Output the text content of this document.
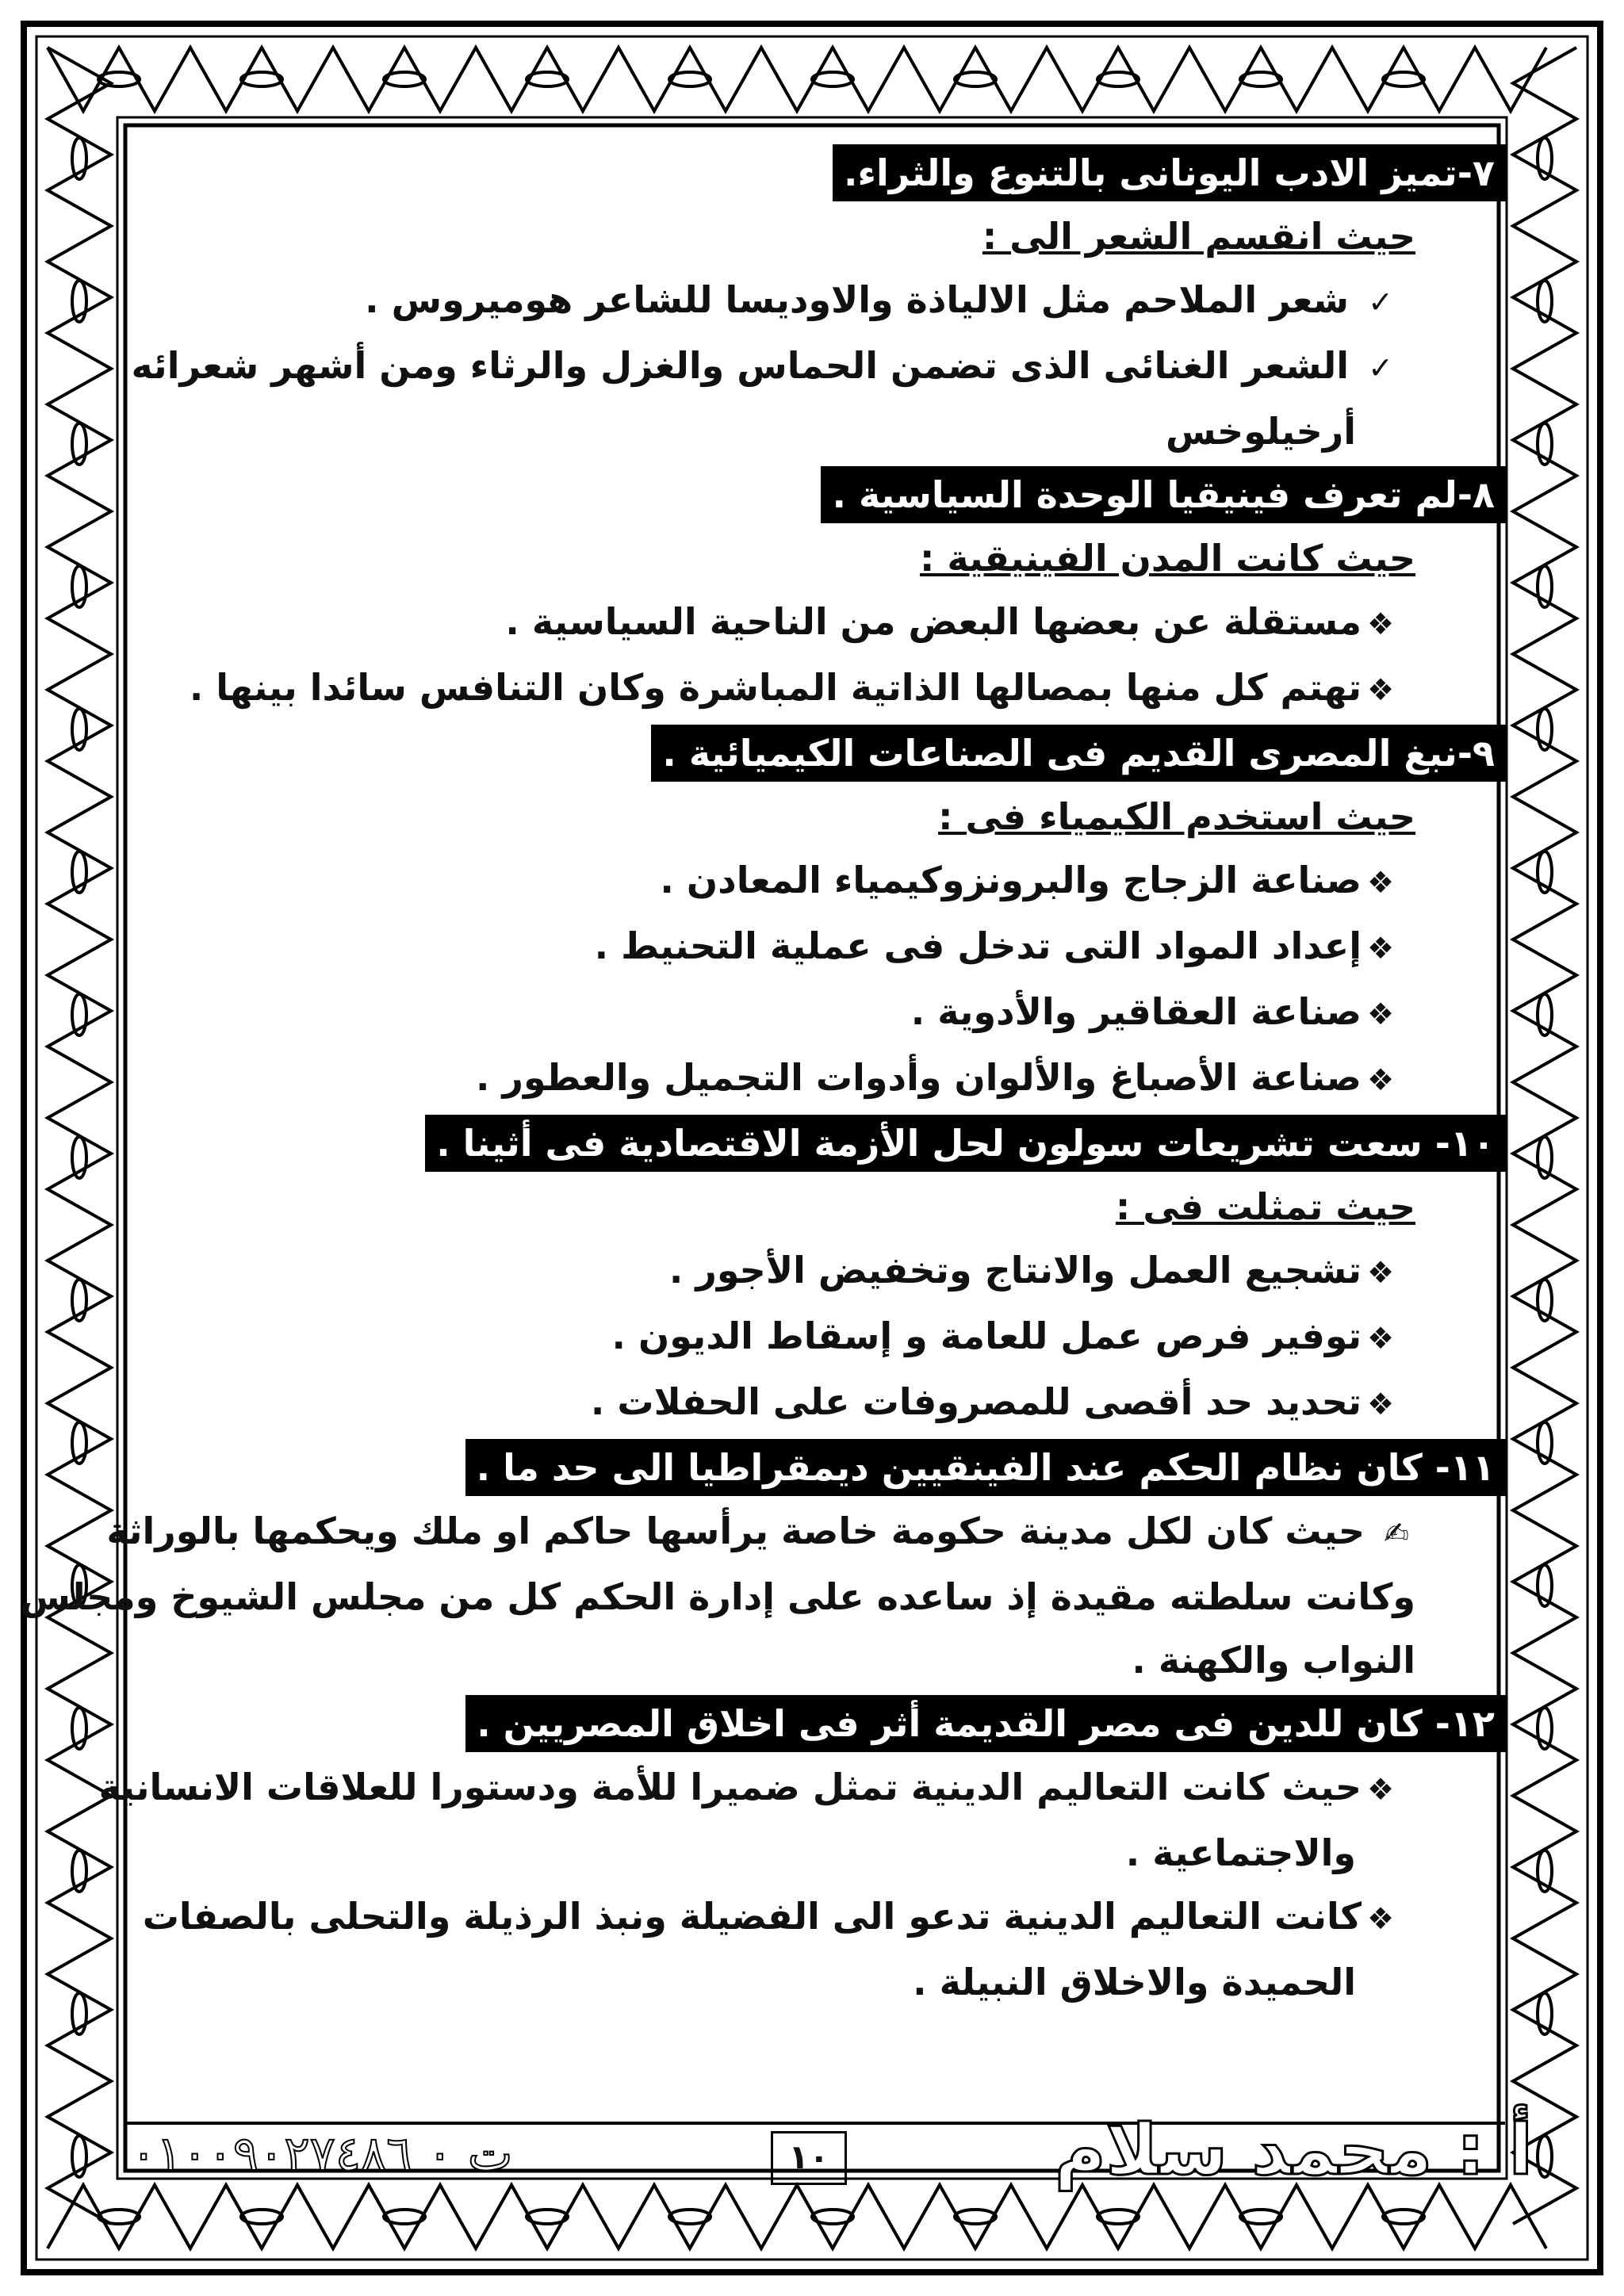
٧-تميز الادب اليونانى بالتنوع والثراء.

حيث انقسم الشعر الى :

✓ شعر الملاحم مثل الالياذة والاوديسا للشاعر هوميروس .

✓ الشعر الغنائى الذى تضمن الحماس والغزل والرثاء ومن أشهر شعرائه

أرخيلوخس

٨-لم تعرف فينيقيا الوحدة السياسية .

حيث كانت المدن الفينيقية :

❖مستقلة عن بعضها البعض من الناحية السياسية .

❖تهتم كل منها بمصالها الذاتية المباشرة وكان التنافس سائدا بينها .

٩-نبغ المصرى القديم فى الصناعات الكيميائية .

حيث استخدم الكيمياء فى :

❖صناعة الزجاج والبرونزوكيمياء المعادن .

❖إعداد المواد التى تدخل فى عملية التحنيط .

❖صناعة العقاقير والأدوية .

❖صناعة الأصباغ والألوان وأدوات التجميل والعطور .

١٠- سعت تشريعات سولون لحل الأزمة الاقتصادية فى أثينا .

حيث تمثلت فى :

❖تشجيع العمل والانتاج وتخفيض الأجور .

❖توفير فرص عمل للعامة و إسقاط الديون .

❖تحديد حد أقصى للمصروفات على الحفلات .

١١- كان نظام الحكم عند الفينقيين ديمقراطيا الى حد ما .

✍ حيث كان لكل مدينة حكومة خاصة يرأسها حاكم او ملك ويحكمها بالوراثة

وكانت سلطته مقيدة إذ ساعده على إدارة الحكم كل من مجلس الشيوخ ومجلس

النواب والكهنة .

١٢- كان للدين فى مصر القديمة أثر فى اخلاق المصريين .

❖حيث كانت التعاليم الدينية تمثل ضميرا للأمة ودستورا للعلاقات الانسانية

والاجتماعية .

❖كانت التعاليم الدينية تدعو الى الفضيلة ونبذ الرذيلة والتحلى بالصفات

الحميدة والاخلاق النبيلة .

١٠
ت ٠ ٠١٠٠٩٠٢٧٤٨٦	أ : محمد سلام
